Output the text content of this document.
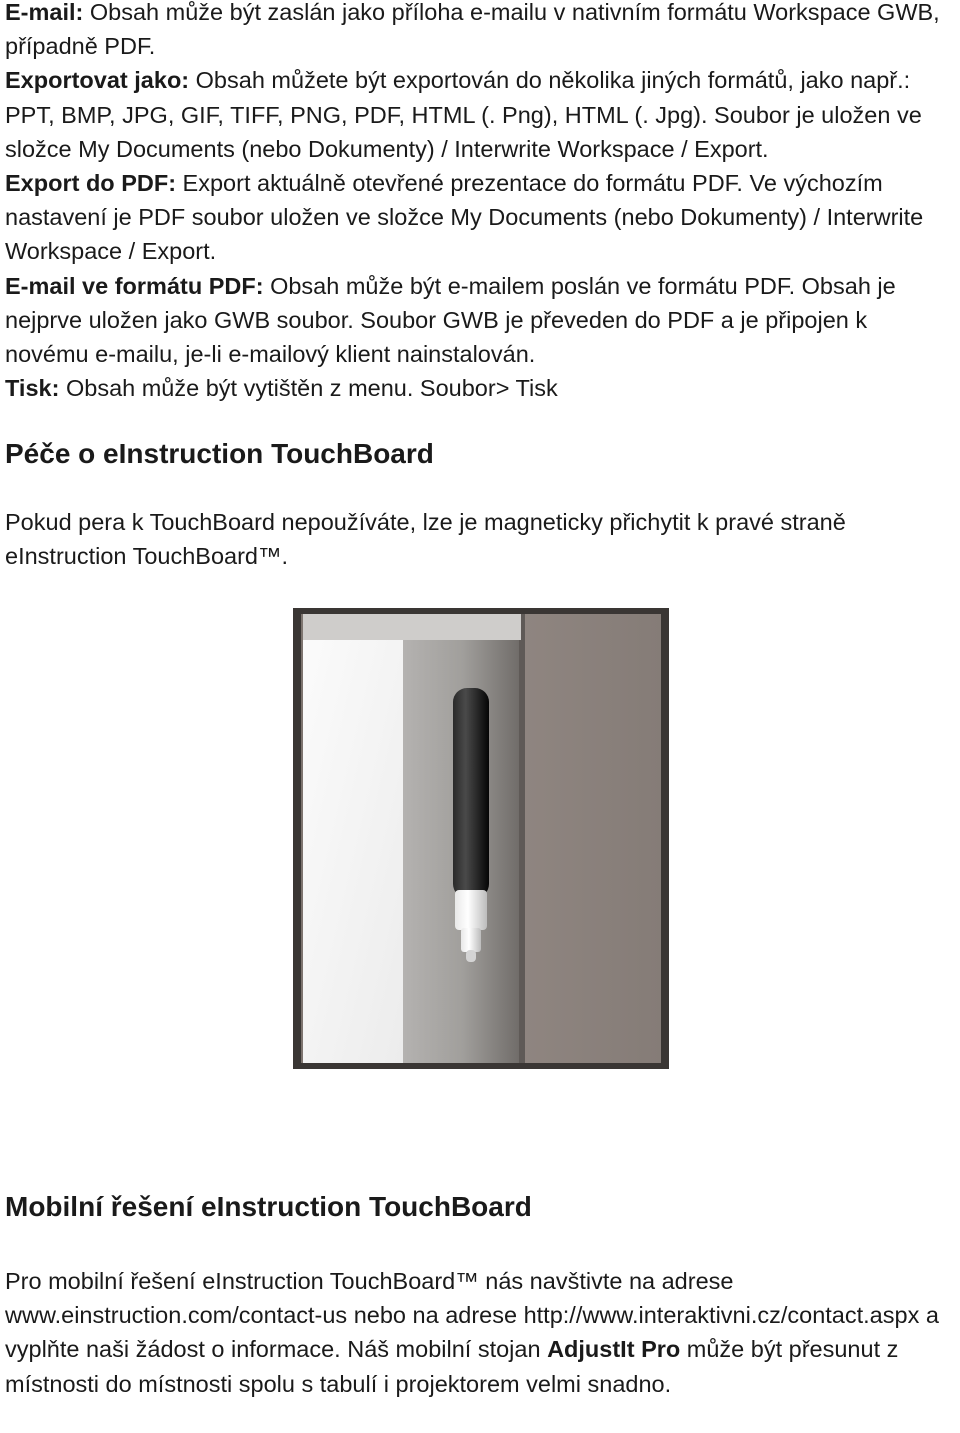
E-mail: Obsah může být zaslán jako příloha e-mailu v nativním formátu Workspace GWB, případně PDF.

Exportovat jako: Obsah můžete být exportován do několika jiných formátů, jako např.: PPT, BMP, JPG, GIF, TIFF, PNG, PDF, HTML (. Png), HTML (. Jpg). Soubor je uložen ve složce My Documents (nebo Dokumenty) / Interwrite Workspace / Export.

Export do PDF: Export aktuálně otevřené prezentace do formátu PDF. Ve výchozím nastavení je PDF soubor uložen ve složce My Documents (nebo Dokumenty) / Interwrite Workspace / Export.

E-mail ve formátu PDF: Obsah může být e-mailem poslán ve formátu PDF. Obsah je nejprve uložen jako GWB soubor. Soubor GWB je převeden do PDF a je připojen k novému e-mailu, je-li e-mailový klient nainstalován.

Tisk: Obsah může být vytištěn z menu. Soubor> Tisk

Péče o eInstruction TouchBoard

Pokud pera k TouchBoard nepoužíváte, lze je magneticky přichytit k pravé straně eInstruction TouchBoard™.

Mobilní řešení eInstruction TouchBoard

Pro mobilní řešení eInstruction TouchBoard™ nás navštivte na adrese www.einstruction.com/contact-us nebo na adrese http://www.interaktivni.cz/contact.aspx a vyplňte naši žádost o informace. Náš mobilní stojan AdjustIt Pro může být přesunut z místnosti do místnosti spolu s tabulí i projektorem velmi snadno.
